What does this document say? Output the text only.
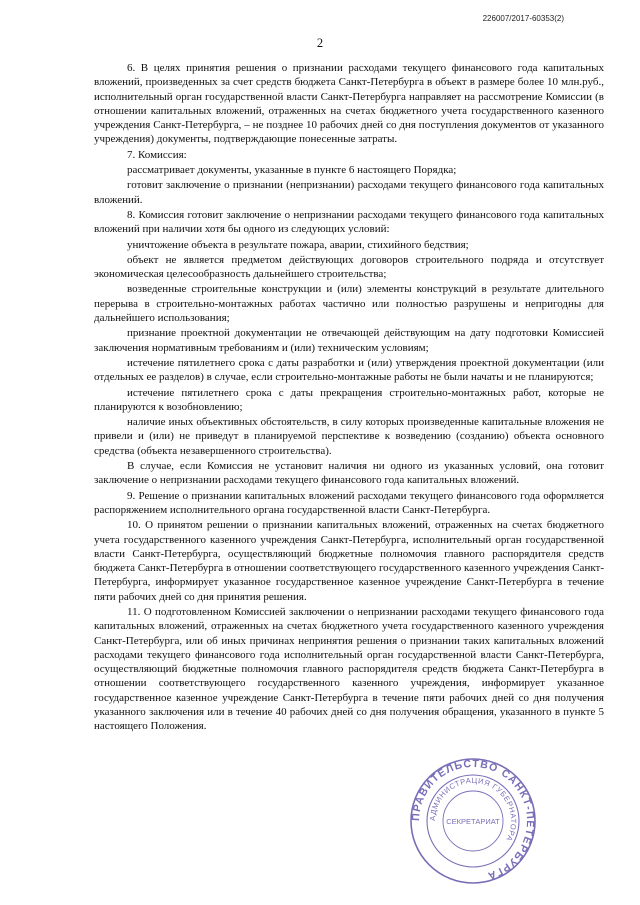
226007/2017-60353(2)
2

6. В целях принятия решения о признании расходами текущего финансового года капитальных вложений, произведенных за счет средств бюджета Санкт-Петербурга в объект в размере более 10 млн.руб., исполнительный орган государственной власти Санкт-Петербурга направляет на рассмотрение Комиссии (в отношении капитальных вложений, отраженных на счетах бюджетного учета государственного казенного учреждения Санкт-Петербурга, – не позднее 10 рабочих дней со дня поступления документов от указанного учреждения) документы, подтверждающие понесенные затраты.

7. Комиссия:

рассматривает документы, указанные в пункте 6 настоящего Порядка;

готовит заключение о признании (непризнании) расходами текущего финансового года капитальных вложений.

8. Комиссия готовит заключение о непризнании расходами текущего финансового года капитальных вложений при наличии хотя бы одного из следующих условий:

уничтожение объекта в результате пожара, аварии, стихийного бедствия;

объект не является предметом действующих договоров строительного подряда и отсутствует экономическая целесообразность дальнейшего строительства;

возведенные строительные конструкции и (или) элементы конструкций в результате длительного перерыва в строительно-монтажных работах частично или полностью разрушены и непригодны для дальнейшего использования;

признание проектной документации не отвечающей действующим на дату подготовки Комиссией заключения нормативным требованиям и (или) техническим условиям;

истечение пятилетнего срока с даты разработки и (или) утверждения проектной документации (или отдельных ее разделов) в случае, если строительно-монтажные работы не были начаты и не планируются;

истечение пятилетнего срока с даты прекращения строительно-монтажных работ, которые не планируются к возобновлению;

наличие иных объективных обстоятельств, в силу которых произведенные капитальные вложения не привели и (или) не приведут в планируемой перспективе к возведению (созданию) объекта основного средства (объекта незавершенного строительства).

В случае, если Комиссия не установит наличия ни одного из указанных условий, она готовит заключение о непризнании расходами текущего финансового года капитальных вложений.

9. Решение о признании капитальных вложений расходами текущего финансового года оформляется распоряжением исполнительного органа государственной власти Санкт-Петербурга.

10. О принятом решении о признании капитальных вложений, отраженных на счетах бюджетного учета государственного казенного учреждения Санкт-Петербурга, исполнительный орган государственной власти Санкт-Петербурга, осуществляющий бюджетные полномочия главного распорядителя средств бюджета Санкт-Петербурга в отношении соответствующего государственного казенного учреждения Санкт-Петербурга, информирует указанное государственное казенное учреждение Санкт-Петербурга в течение пяти рабочих дней со дня принятия решения.

11. О подготовленном Комиссией заключении о непризнании расходами текущего финансового года капитальных вложений, отраженных на счетах бюджетного учета государственного казенного учреждения Санкт-Петербурга, или об иных причинах непринятия решения о признании таких капитальных вложений расходами текущего финансового года исполнительный орган государственной власти Санкт-Петербурга, осуществляющий бюджетные полномочия главного распорядителя средств бюджета Санкт-Петербурга в отношении соответствующего государственного казенного учреждения, информирует указанное государственное казенное учреждение Санкт-Петербурга в течение пяти рабочих дней со дня получения указанного заключения или в течение 40 рабочих дней со дня получения обращения, указанного в пункте 5 настоящего Положения.

ПРАВИТЕЛЬСТВО САНКТ-ПЕТЕРБУРГА
АДМИНИСТРАЦИЯ ГУБЕРНАТОРА
СЕКРЕТАРИАТ
